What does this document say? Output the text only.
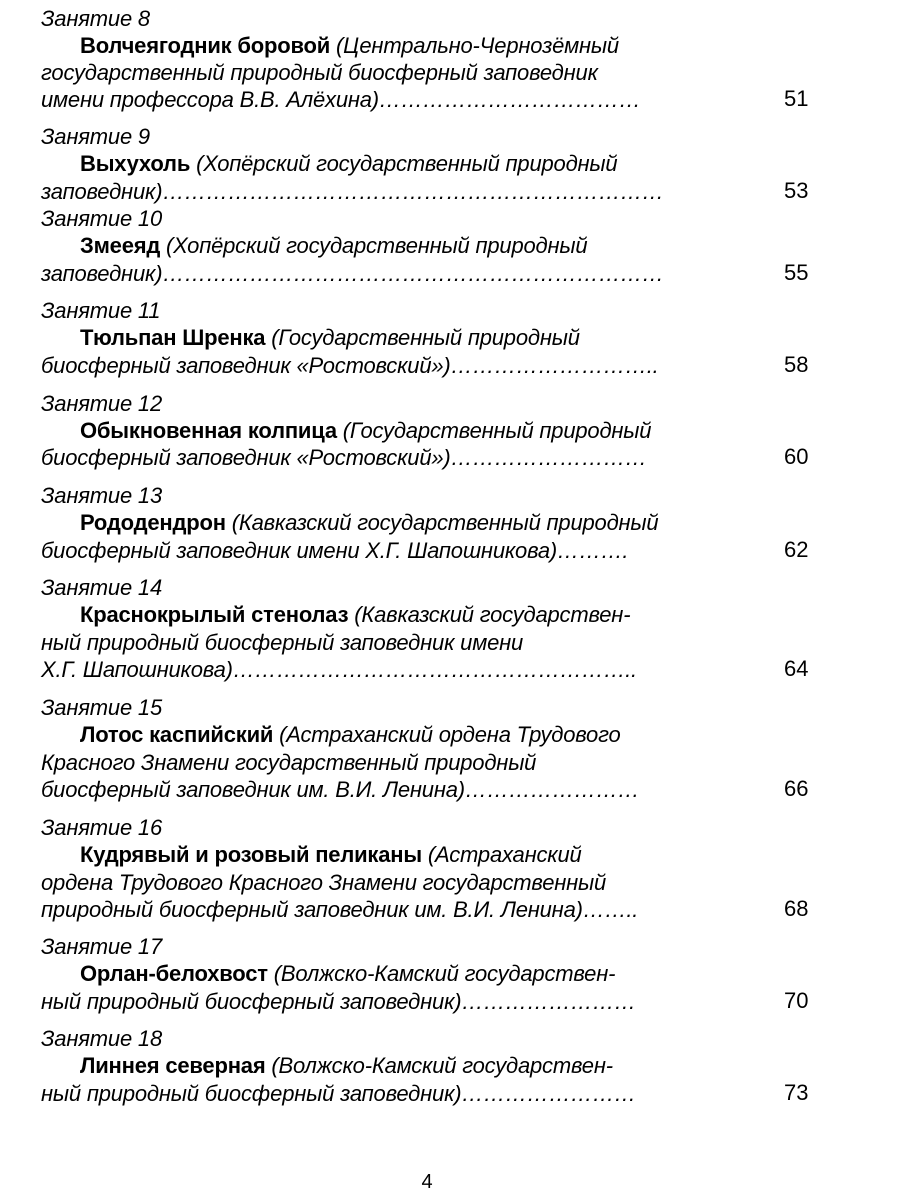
Занятие 8
Волчеягодник боровой (Центрально-Чернозёмный
государственный природный биосферный заповедник
имени профессора В.В. Алёхина)………………………………	51
Занятие 9
Выхухоль (Хопёрский государственный природный
заповедник)……………………………………………………………	53
Занятие 10
Змееяд (Хопёрский государственный природный
заповедник)……………………………………………………………	55
Занятие 11
Тюльпан Шренка (Государственный природный
биосферный заповедник «Ростовский»)………………………..	58
Занятие 12
Обыкновенная колпица (Государственный природный
биосферный заповедник «Ростовский»)………………………	60
Занятие 13
Рододендрон (Кавказский государственный природный
биосферный заповедник имени Х.Г. Шапошникова)……….	62
Занятие 14
Краснокрылый стенолаз (Кавказский государствен-
ный природный биосферный заповедник имени
Х.Г. Шапошникова)………………………………………………..	64
Занятие 15
Лотос каспийский (Астраханский ордена Трудового
Красного Знамени государственный природный
биосферный заповедник им. В.И. Ленина)……………………	66
Занятие 16
Кудрявый и розовый пеликаны (Астраханский
ордена Трудового Красного Знамени государственный
природный биосферный заповедник им. В.И. Ленина)……..	68
Занятие 17
Орлан-белохвост (Волжско-Камский государствен-
ный природный биосферный заповедник)……………………	70
Занятие 18
Линнея северная (Волжско-Камский государствен-
ный природный биосферный заповедник)……………………	73
4
